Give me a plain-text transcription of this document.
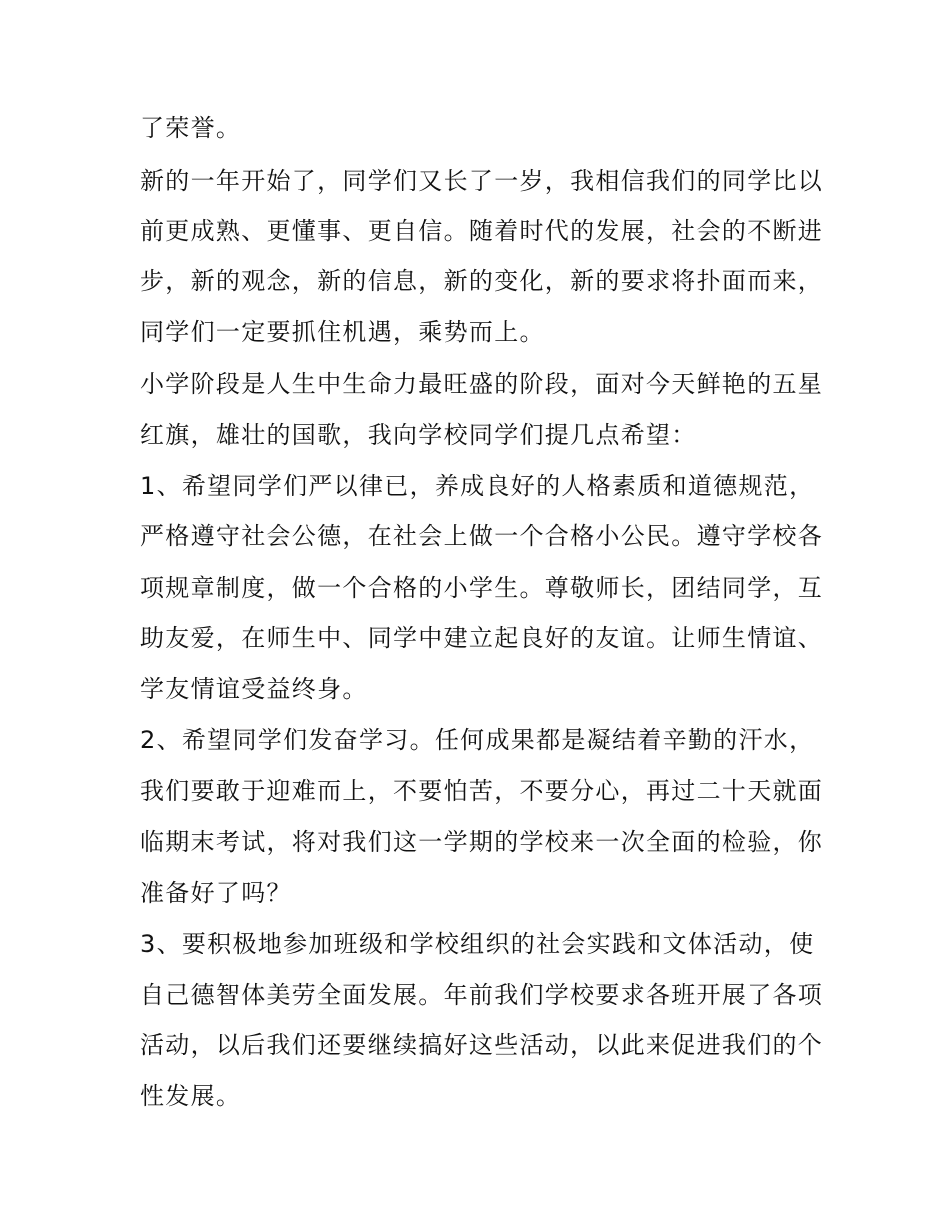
了荣誉。
新的一年开始了，同学们又长了一岁，我相信我们的同学比以
前更成熟、更懂事、更自信。随着时代的发展，社会的不断进
步，新的观念，新的信息，新的变化，新的要求将扑面而来，
同学们一定要抓住机遇，乘势而上。
小学阶段是人生中生命力最旺盛的阶段，面对今天鲜艳的五星
红旗，雄壮的国歌，我向学校同学们提几点希望：
1、希望同学们严以律已，养成良好的人格素质和道德规范，
严格遵守社会公德，在社会上做一个合格小公民。遵守学校各
项规章制度，做一个合格的小学生。尊敬师长，团结同学，互
助友爱，在师生中、同学中建立起良好的友谊。让师生情谊、
学友情谊受益终身。
2、希望同学们发奋学习。任何成果都是凝结着辛勤的汗水，
我们要敢于迎难而上，不要怕苦，不要分心，再过二十天就面
临期末考试，将对我们这一学期的学校来一次全面的检验，你
准备好了吗？
3、要积极地参加班级和学校组织的社会实践和文体活动，使
自己德智体美劳全面发展。年前我们学校要求各班开展了各项
活动，以后我们还要继续搞好这些活动，以此来促进我们的个
性发展。
